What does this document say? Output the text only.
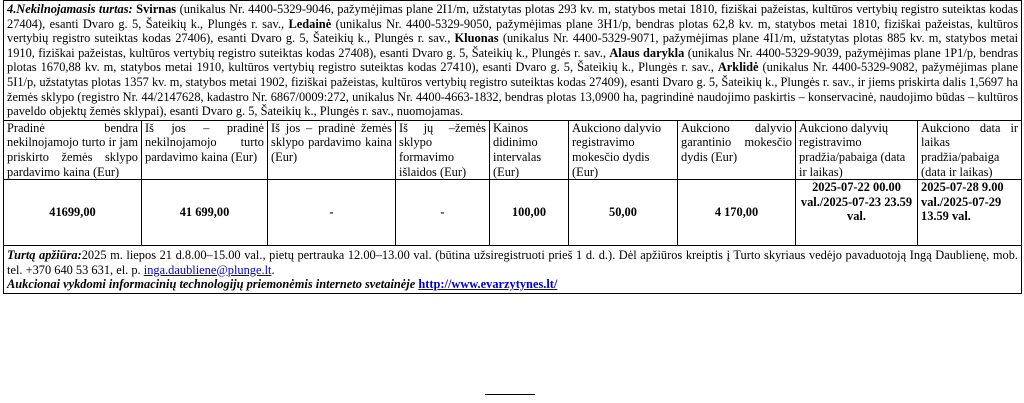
4.Nekilnojamasis turtas: Svirnas (unikalus Nr. 4400-5329-9046, pažymėjimas plane 2I1/m, užstatytas plotas 293 kv. m, statybos metai 1810, fiziškai pažeistas, kultūros vertybių registro suteiktas kodas 27404), esanti Dvaro g. 5, Šateikių k., Plungės r. sav., Ledainė (unikalus Nr. 4400-5329-9050, pažymėjimas plane 3H1/p, bendras plotas 62,8 kv. m, statybos metai 1810, fiziškai pažeistas, kultūros vertybių registro suteiktas kodas 27406), esanti Dvaro g. 5, Šateikių k., Plungės r. sav., Kluonas (unikalus Nr. 4400-5329-9071, pažymėjimas plane 4I1/m, užstatytas plotas 885 kv. m, statybos metai 1910, fiziškai pažeistas, kultūros vertybių registro suteiktas kodas 27408), esanti Dvaro g. 5, Šateikių k., Plungės r. sav., Alaus darykla (unikalus Nr. 4400-5329-9039, pažymėjimas plane 1P1/p, bendras plotas 1670,88 kv. m, statybos metai 1910, kultūros vertybių registro suteiktas kodas 27410), esanti Dvaro g. 5, Šateikių k., Plungės r. sav., Arklidė (unikalus Nr. 4400-5329-9082, pažymėjimas plane 5I1/p, užstatytas plotas 1357 kv. m, statybos metai 1902, fiziškai pažeistas, kultūros vertybių registro suteiktas kodas 27409), esanti Dvaro g. 5, Šateikių k., Plungės r. sav., ir jiems priskirta dalis 1,5697 ha žemės sklypo (registro Nr. 44/2147628, kadastro Nr. 6867/0009:272, unikalus Nr. 4400-4663-1832, bendras plotas 13,0900 ha, pagrindinė naudojimo paskirtis – konservacinė, naudojimo būdas – kultūros paveldo objektų žemės sklypai), esanti Dvaro g. 5, Šateikių k., Plungės r. sav., nuomojamas.								
Pradinė bendra nekilnojamojo turto ir jam priskirto žemės sklypo pardavimo kaina (Eur)	Iš jos – pradinė nekilnojamojo turto pardavimo kaina (Eur)	Iš jos – pradinė žemės sklypo pardavimo kaina (Eur)	Iš jų –žemės sklypo formavimo išlaidos (Eur)	Kainos didinimo intervalas (Eur)	Aukciono dalyvio registravimo mokesčio dydis (Eur)	Aukciono dalyvio garantinio mokesčio dydis (Eur)	Aukciono dalyvių registravimo pradžia/pabaiga (data ir laikas)	Aukciono data ir laikas pradžia/pabaiga (data ir laikas)
41699,00	41 699,00	-	-	100,00	50,00	4 170,00	2025-07-22 00.00 val./2025-07-23 23.59 val.	2025-07-28 9.00 val./2025-07-29 13.59 val.
Turtą apžiūra:2025 m. liepos 21 d.8.00–15.00 val., pietų pertrauka 12.00–13.00 val. (būtina užsiregistruoti prieš 1 d. d.). Dėl apžiūros kreiptis į Turto skyriaus vedėjo pavaduotoją Ingą Daublienę, mob. tel. +370 640 53 631, el. p. inga.daubliene@plunge.lt.
Aukcionai vykdomi informacinių technologijų priemonėmis interneto svetainėje http://www.evarzytynes.lt/								
